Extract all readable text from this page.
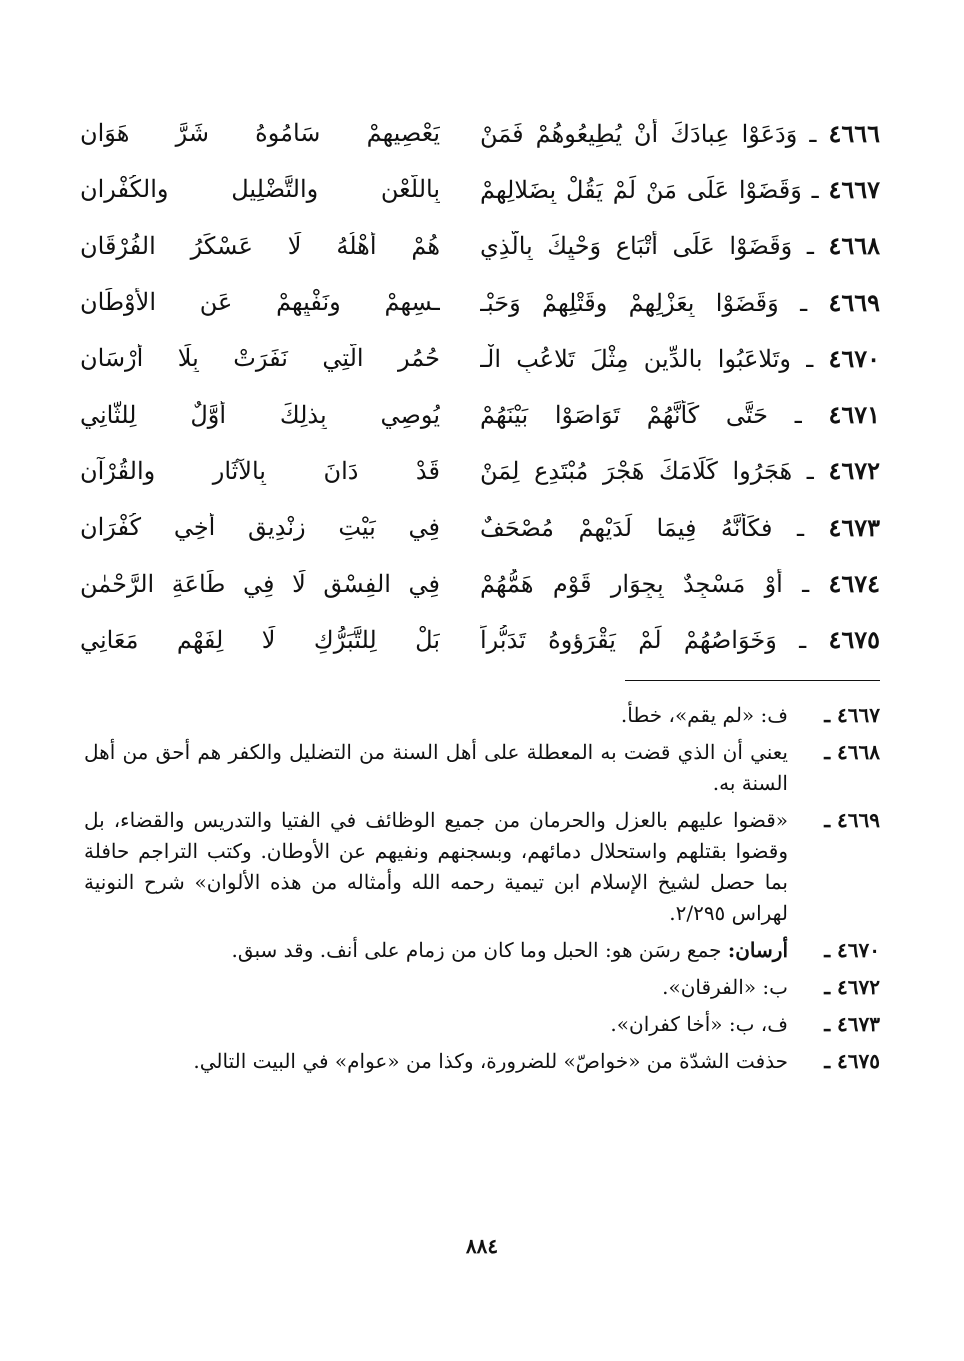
٤٦٦٦ ـ وَدَعَوْا عِبادَكَ أَنْ يُطِيعُوهُمْ فَمَنْ
يَعْصِيهِمْ سَامُوهُ شَرَّ هَوَانِ
٤٦٦٧ ـ وَقَضَوْا عَلَى مَنْ لَمْ يَقُلْ بِضَلالِهِمْ
بِاللَّعْنِ والتَّضْلِيلِ والكُفْرانِ
٤٦٦٨ ـ وَقَضَوْا عَلَى أَتْبَاعِ وَحْيِكَ بِالَّذِي
هُمْ أَهْلُهُ لَا عَسْكَرُ الفُرْقَانِ
٤٦٦٩ ـ وَقَضَوْا بِعَزْلِهِمْ وقَتْلِهِمْ وَحَبْـ
ـسِهِمْ ونَفْيِهِمْ عَنِ الأَوْطَانِ
٤٦٧٠ ـ وتَلاعَبُوا بالدِّينِ مِثْلَ تَلاعُبِ الْـ
حُمُرِ الَّتِي نَفَرَتْ بِلَا أَرْسَانِ
٤٦٧١ ـ حَتَّى كَأَنَّهُمْ تَوَاصَوْا بَيْنَهُمْ
يُوصِي بِذلِكَ أَوَّلٌ لِلثَّانِي
٤٦٧٢ ـ هَجَرُوا كَلَامَكَ هَجْرَ مُبْتَدِعٍ لِمَنْ
قَدْ دَانَ بِالآثَارِ والقُرْآنِ
٤٦٧٣ ـ فكَأَنَّهُ فِيمَا لَدَيْهِمْ مُصْحَفٌ
فِي بَيْتِ زِنْدِيقٍ أَخِي كُفْرَانِ
٤٦٧٤ ـ أَوْ مَسْجِدٌ بِجِوَارِ قَوْمٍ هَمُّهُمْ
فِي الفِسْقِ لَا فِي طَاعَةِ الرَّحْمٰنِ
٤٦٧٥ ـ وَخَوَاصُهُمْ لَمْ يَقْرَؤوهُ تَدَبُّراً
بَلْ لِلتَّبَرُّكِ لَا لِفَهْمِ مَعَانِي
٤٦٦٧ ـ
ف: «لم يقم»، خطأ.
٤٦٦٨ ـ
يعني أن الذي قضت به المعطلة على أهل السنة من التضليل والكفر هم أحق من أهل السنة به.
٤٦٦٩ ـ
«قضوا عليهم بالعزل والحرمان من جميع الوظائف في الفتيا والتدريس والقضاء، بل وقضوا بقتلهم واستحلال دمائهم، وبسجنهم ونفيهم عن الأوطان. وكتب التراجم حافلة بما حصل لشيخ الإسلام ابن تيمية رحمه الله وأمثاله من هذه الألوان» شرح النونية لهراس ٢/٢٩٥.
٤٦٧٠ ـ
أرسان: جمع رسَن هو: الحبل وما كان من زمام على أنف. وقد سبق.
٤٦٧٢ ـ
ب: «الفرقان».
٤٦٧٣ ـ
ف، ب: «أخا كفران».
٤٦٧٥ ـ
حذفت الشدّة من «خواصّ» للضرورة، وكذا من «عوام» في البيت التالي.
٨٨٤
